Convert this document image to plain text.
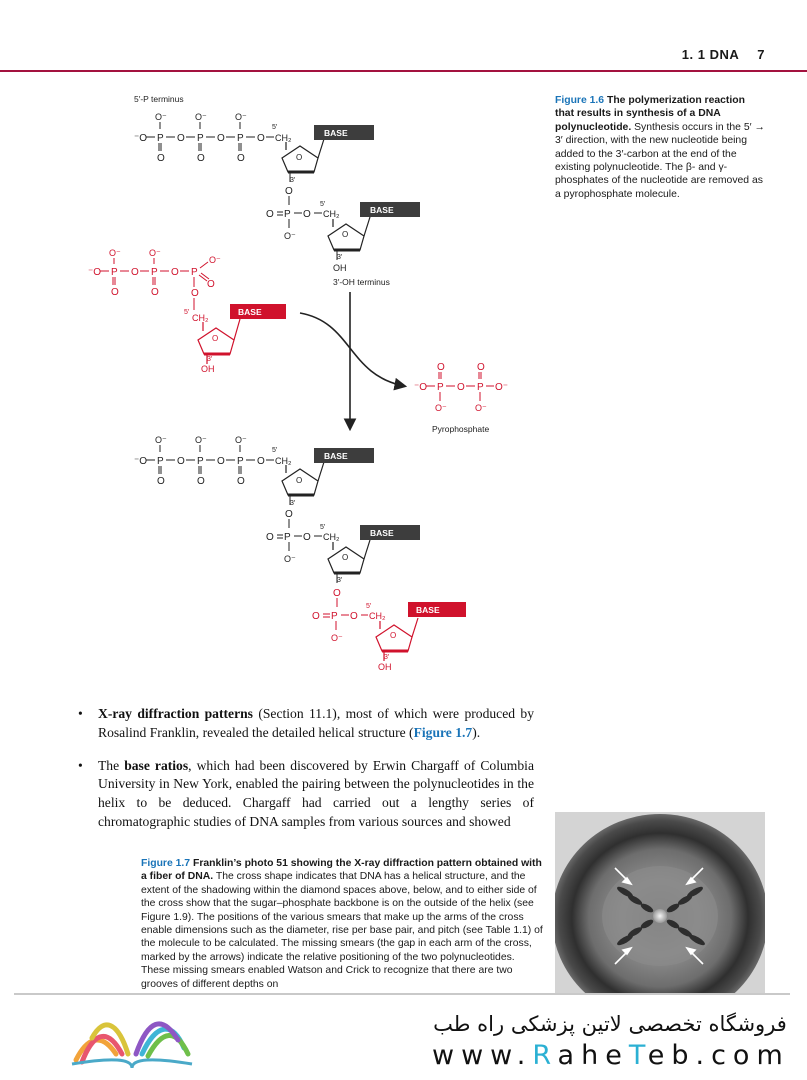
1. 1 DNA 7
5′-P terminus
⁻O P O P O P O
O⁻	O⁻	O⁻
O	O	O
CH₂
5′
O
BASE
3′
O
O P O CH₂
5′
O⁻	O
BASE
3′
OH
3′-OH terminus
⁻O P O P O P
O⁻	O⁻
O⁻
O	O
O
O
5′
CH₂
O
BASE
3′
OH
⁻O P O P O⁻
O	O
O⁻	O⁻
Pyrophosphate
⁻O P O P O P O
O⁻	O⁻	O⁻
O	O	O
CH₂
5′
O
BASE
3′
O
O P O CH₂
5′
O⁻	O
BASE
3′
O
O P O CH₂
5′
O⁻	O
BASE
3′
OH
Figure 1.6 The polymerization reaction that results in synthesis of a DNA polynucleotide. Synthesis occurs in the 5′ → 3′ direction, with the new nucleotide being added to the 3′-carbon at the end of the existing polynucleotide. The β- and γ-phosphates of the nucleotide are removed as a pyrophosphate molecule.
• X-ray diffraction patterns (Section 11.1), most of which were produced by Rosalind Franklin, revealed the detailed helical structure (Figure 1.7).
• The base ratios, which had been discovered by Erwin Chargaff of Columbia University in New York, enabled the pairing between the polynucleotides in the helix to be deduced. Chargaff had carried out a lengthy series of chromatographic studies of DNA samples from various sources and showed
Figure 1.7 Franklin’s photo 51 showing the X-ray diffraction pattern obtained with a fiber of DNA. The cross shape indicates that DNA has a helical structure, and the extent of the shadowing within the diamond spaces above, below, and to either side of the cross show that the sugar–phosphate backbone is on the outside of the helix (see Figure 1.9). The positions of the various smears that make up the arms of the cross enable dimensions such as the diameter, rise per base pair, and pitch (see Table 1.1) of the molecule to be calculated. The missing smears (the gap in each arm of the cross, marked by the arrows) indicate the relative positioning of the two polynucleotides. These missing smears enabled Watson and Crick to recognize that there are two grooves of different depths on
فروشگاه تخصصی لاتین پزشکی راه طب
www.RaheTeb.com
